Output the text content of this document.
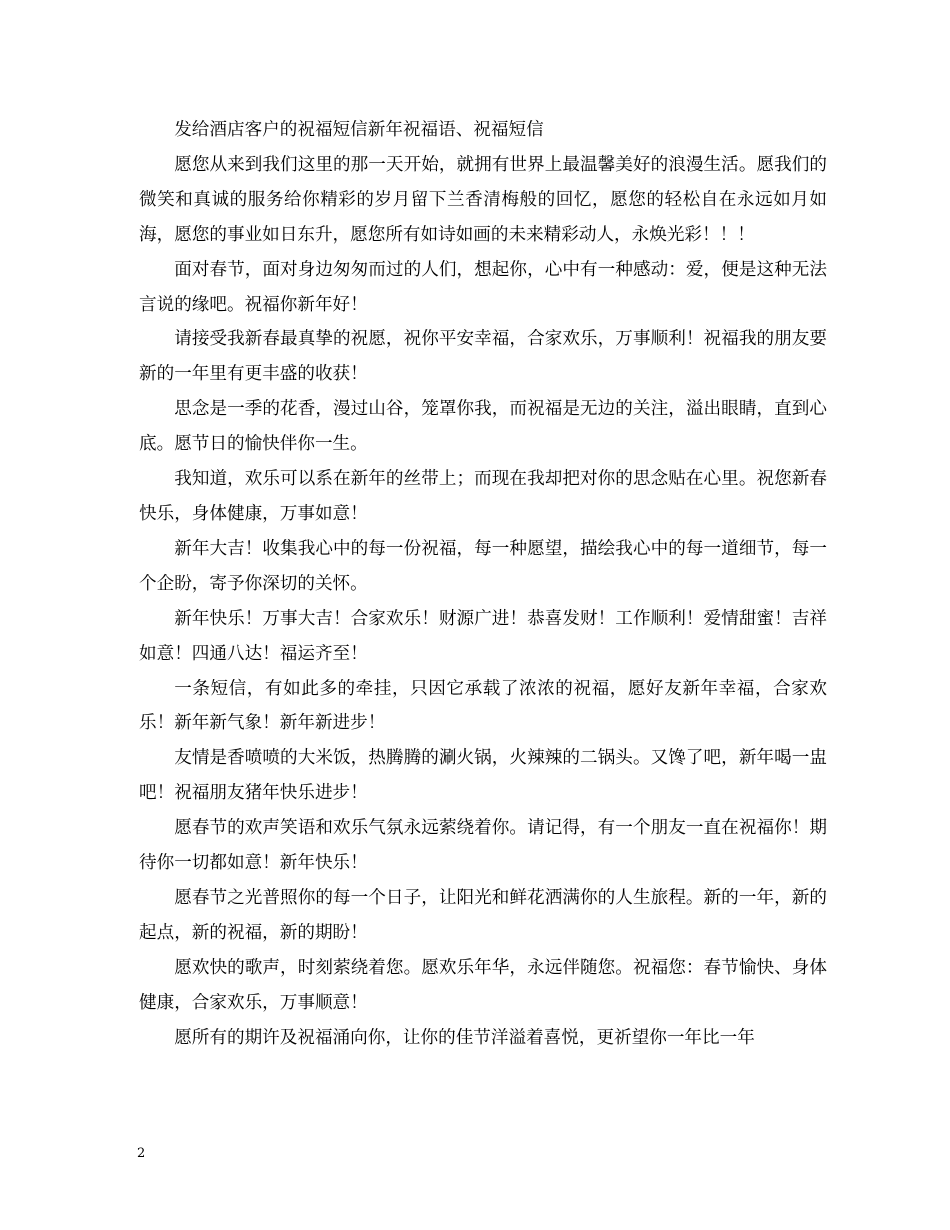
发给酒店客户的祝福短信新年祝福语、祝福短信

愿您从来到我们这里的那一天开始，就拥有世界上最温馨美好的浪漫生活。愿我们的微笑和真诚的服务给你精彩的岁月留下兰香清梅般的回忆，愿您的轻松自在永远如月如海，愿您的事业如日东升，愿您所有如诗如画的未来精彩动人，永焕光彩！！！

面对春节，面对身边匆匆而过的人们，想起你，心中有一种感动：爱，便是这种无法言说的缘吧。祝福你新年好！

请接受我新春最真挚的祝愿，祝你平安幸福，合家欢乐，万事顺利！祝福我的朋友要新的一年里有更丰盛的收获！

思念是一季的花香，漫过山谷，笼罩你我，而祝福是无边的关注，溢出眼睛，直到心底。愿节日的愉快伴你一生。

我知道，欢乐可以系在新年的丝带上；而现在我却把对你的思念贴在心里。祝您新春快乐，身体健康，万事如意！

新年大吉！收集我心中的每一份祝福，每一种愿望，描绘我心中的每一道细节，每一个企盼，寄予你深切的关怀。

新年快乐！万事大吉！合家欢乐！财源广进！恭喜发财！工作顺利！爱情甜蜜！吉祥如意！四通八达！福运齐至！

一条短信，有如此多的牵挂，只因它承载了浓浓的祝福，愿好友新年幸福，合家欢乐！新年新气象！新年新进步！

友情是香喷喷的大米饭，热腾腾的涮火锅，火辣辣的二锅头。又馋了吧，新年喝一盅吧！祝福朋友猪年快乐进步！

愿春节的欢声笑语和欢乐气氛永远萦绕着你。请记得，有一个朋友一直在祝福你！期待你一切都如意！新年快乐！

愿春节之光普照你的每一个日子，让阳光和鲜花洒满你的人生旅程。新的一年，新的起点，新的祝福，新的期盼！

愿欢快的歌声，时刻萦绕着您。愿欢乐年华，永远伴随您。祝福您：春节愉快、身体健康，合家欢乐，万事顺意！

愿所有的期许及祝福涌向你，让你的佳节洋溢着喜悦，更祈望你一年比一年

2
